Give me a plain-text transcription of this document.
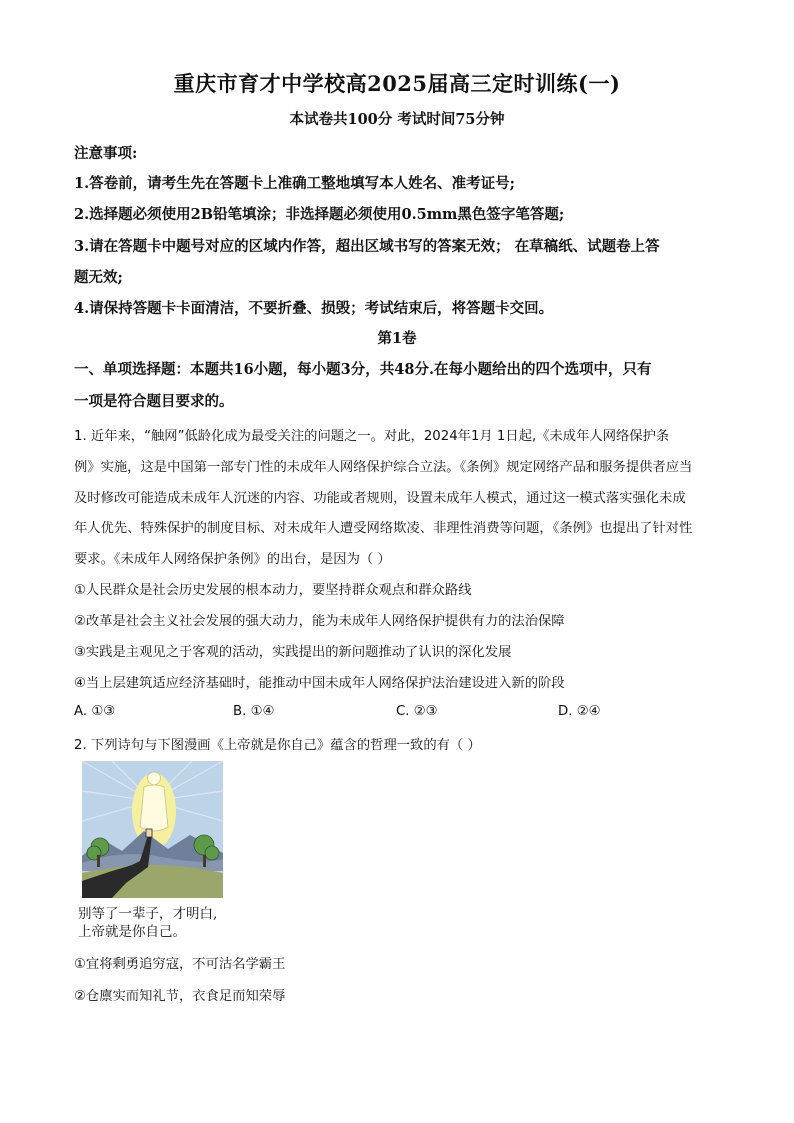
重庆市育才中学校高2025届高三定时训练(一)
本试卷共100分 考试时间75分钟
注意事项:
1.答卷前，请考生先在答题卡上准确工整地填写本人姓名、准考证号;
2.选择题必须使用2B铅笔填涂；非选择题必须使用0.5mm黑色签字笔答题;
3.请在答题卡中题号对应的区域内作答，超出区域书写的答案无效； 在草稿纸、试题卷上答
题无效;
4.请保持答题卡卡面清洁，不要折叠、损毁；考试结束后，将答题卡交回。
第1卷
一、单项选择题：本题共16小题，每小题3分，共48分.在每小题给出的四个选项中，只有
一项是符合题目要求的。
1. 近年来，“触网”低龄化成为最受关注的问题之一。对此，2024年1月 1日起,《未成年人网络保护条
例》实施，这是中国第一部专门性的未成年人网络保护综合立法。《条例》规定网络产品和服务提供者应当
及时修改可能造成未成年人沉迷的内容、功能或者规则，设置未成年人模式，通过这一模式落实强化未成
年人优先、特殊保护的制度目标、对未成年人遭受网络欺凌、非理性消费等问题，《条例》也提出了针对性
要求。《未成年人网络保护条例》的出台，是因为（ ）
①人民群众是社会历史发展的根本动力，要坚持群众观点和群众路线
②改革是社会主义社会发展的强大动力，能为未成年人网络保护提供有力的法治保障
③实践是主观见之于客观的活动，实践提出的新问题推动了认识的深化发展
④当上层建筑适应经济基础时，能推动中国未成年人网络保护法治建设进入新的阶段
A. ①③	B. ①④	C. ②③	D. ②④
2. 下列诗句与下图漫画《上帝就是你自己》蕴含的哲理一致的有（ ）
别等了一辈子，才明白,
上帝就是你自己。
①宜将剩勇追穷寇，不可沽名学霸王
②仓廪实而知礼节，衣食足而知荣辱
